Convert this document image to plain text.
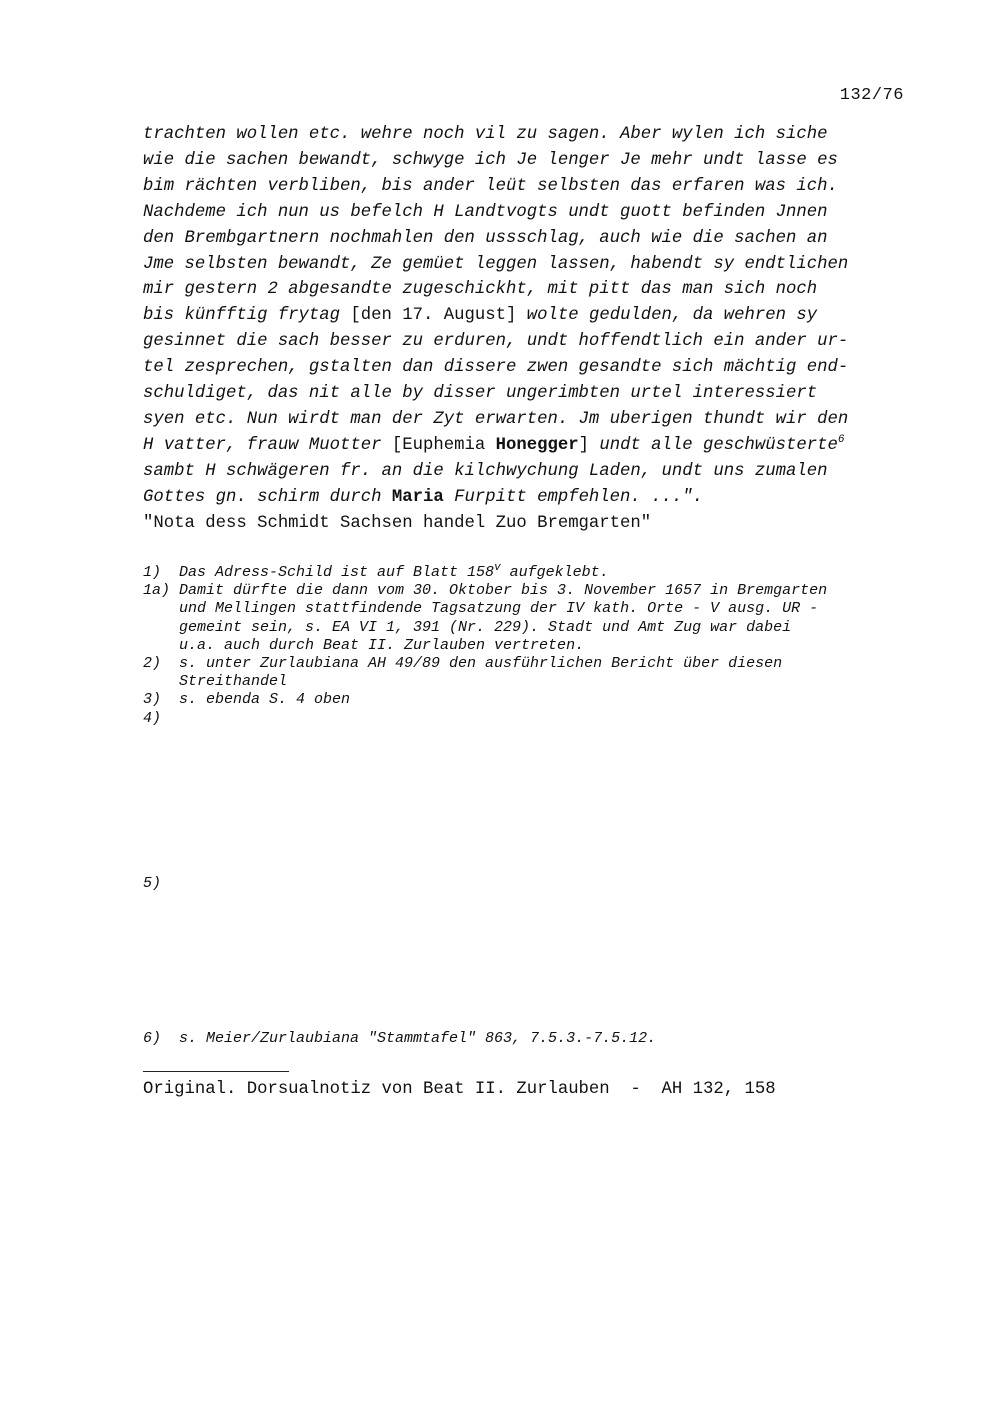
132/76
trachten wollen etc. wehre noch vil zu sagen. Aber wylen ich siche
wie die sachen bewandt, schwyge ich Je lenger Je mehr undt lasse es
bim rächten verbliben, bis ander leüt selbsten das erfaren was ich.
Nachdeme ich nun us befelch H Landtvogts undt guott befinden Jnnen
den Brembgartnern nochmahlen den ussschlag, auch wie die sachen an
Jme selbsten bewandt, Ze gemüet leggen lassen, habendt sy endtlichen
mir gestern 2 abgesandte zugeschickht, mit pitt das man sich noch
bis künfftig frytag [den 17. August] wolte gedulden, da wehren sy
gesinnet die sach besser zu erduren, undt hoffendtlich ein ander ur-
tel zesprechen, gstalten dan dissere zwen gesandte sich mächtig end-
schuldiget, das nit alle by disser ungerimbten urtel interessiert
syen etc. Nun wirdt man der Zyt erwarten. Jm uberigen thundt wir den
H vatter, frauw Muotter [Euphemia Honegger] undt alle geschwüsterte$^6$
sambt H schwägeren fr. an die kilchwychung Laden, undt uns zumalen
Gottes gn. schirm durch Maria Furpitt empfehlen. ...".
"Nota dess Schmidt Sachsen handel Zuo Bremgarten"
1)	Das Adress-Schild ist auf Blatt 158$^v$ aufgeklebt.
1a) Damit dürfte die dann vom 30. Oktober bis 3. November 1657 in Bremgarten
und Mellingen stattfindende Tagsatzung der IV kath. Orte - V ausg. UR -
gemeint sein, s. EA VI 1, 391 (Nr. 229). Stadt und Amt Zug war dabei
u.a. auch durch Beat II. Zurlauben vertreten.
2)	s. unter Zurlaubiana AH 49/89 den ausführlichen Bericht über diesen
Streithandel
3)	s. ebenda S. 4 oben
4)
5)
6)	s. Meier/Zurlaubiana "Stammtafel" 863, 7.5.3.-7.5.12.
Original. Dorsualnotiz von Beat II. Zurlauben - AH 132, 158
